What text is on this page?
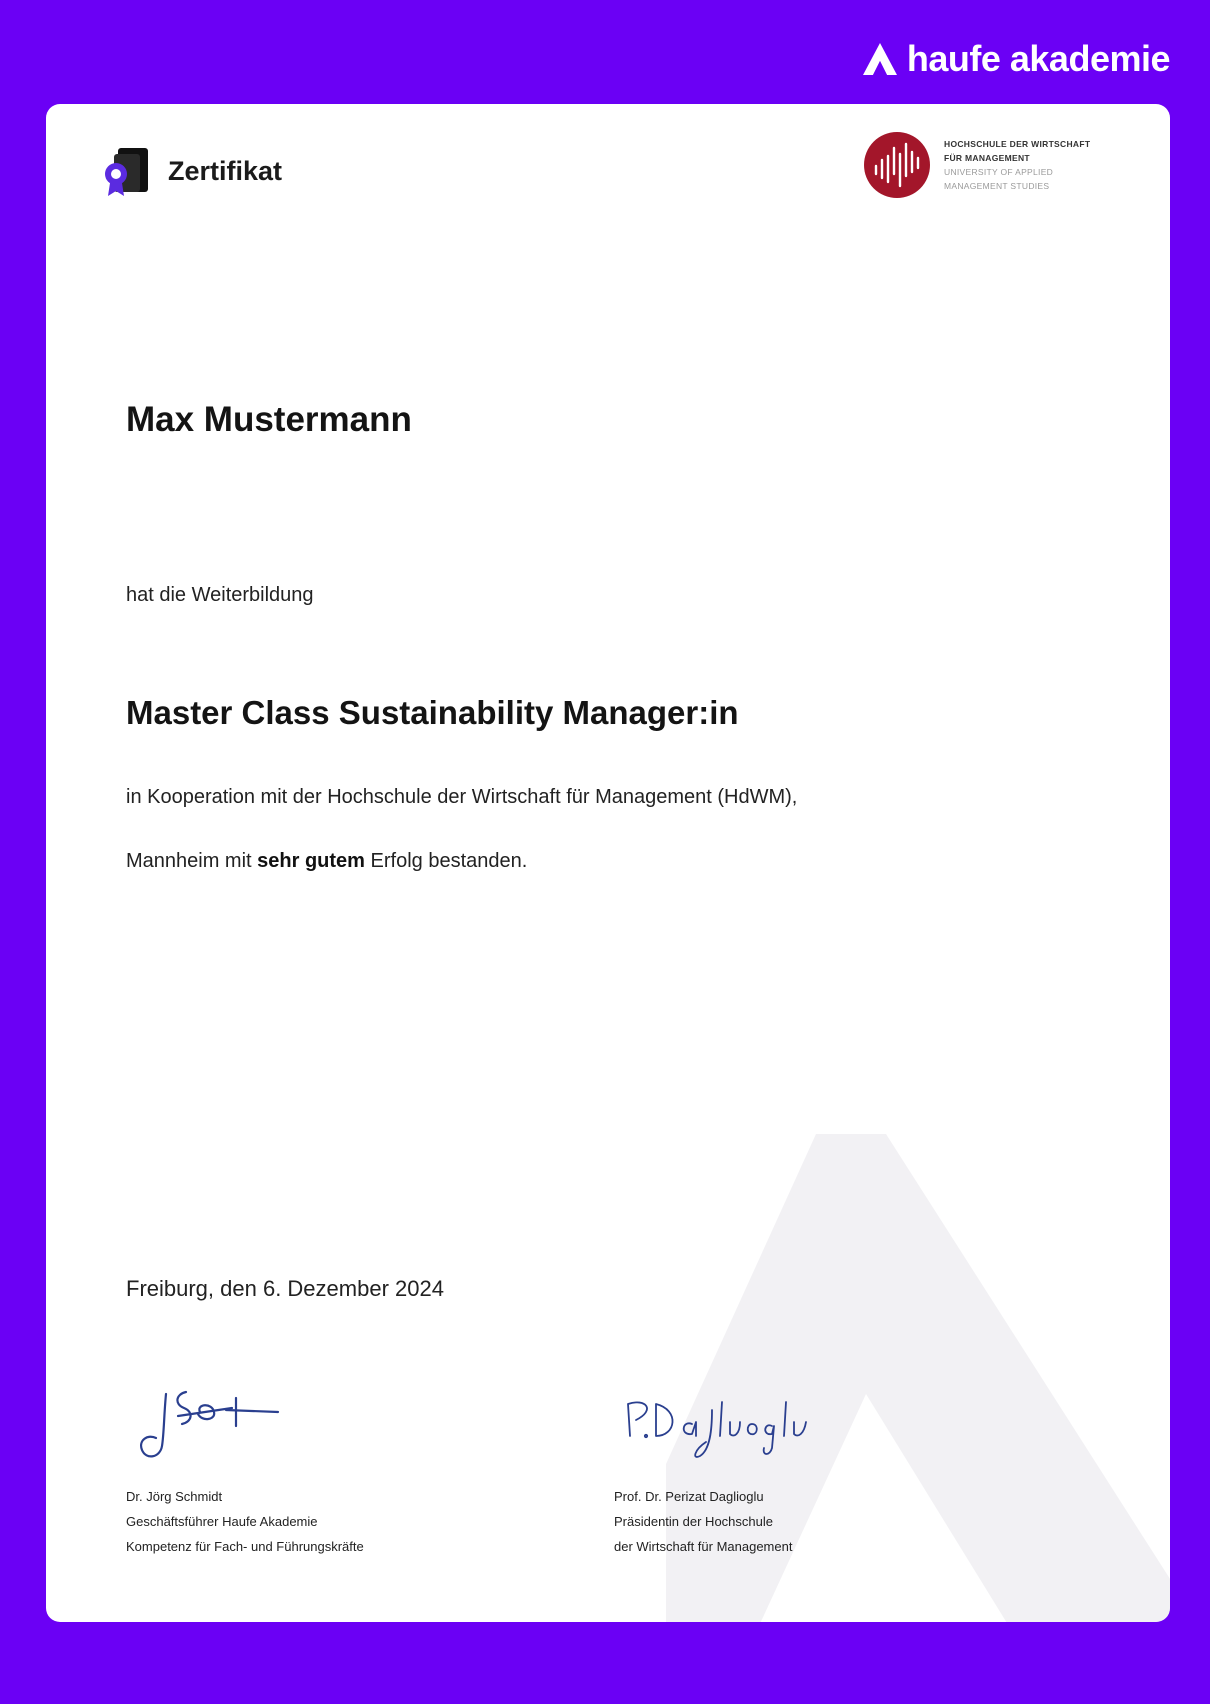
haufe akademie
Zertifikat
HOCHSCHULE DER WIRTSCHAFT
FÜR MANAGEMENT
UNIVERSITY OF APPLIED
MANAGEMENT STUDIES
Max Mustermann
hat die Weiterbildung
Master Class Sustainability Manager:in
in Kooperation mit der Hochschule der Wirtschaft für Management (HdWM),
Mannheim mit sehr gutem Erfolg bestanden.
Freiburg, den 6. Dezember 2024
Dr. Jörg Schmidt
Geschäftsführer Haufe Akademie
Kompetenz für Fach- und Führungskräfte
Prof. Dr. Perizat Daglioglu
Präsidentin der Hochschule
der Wirtschaft für Management
